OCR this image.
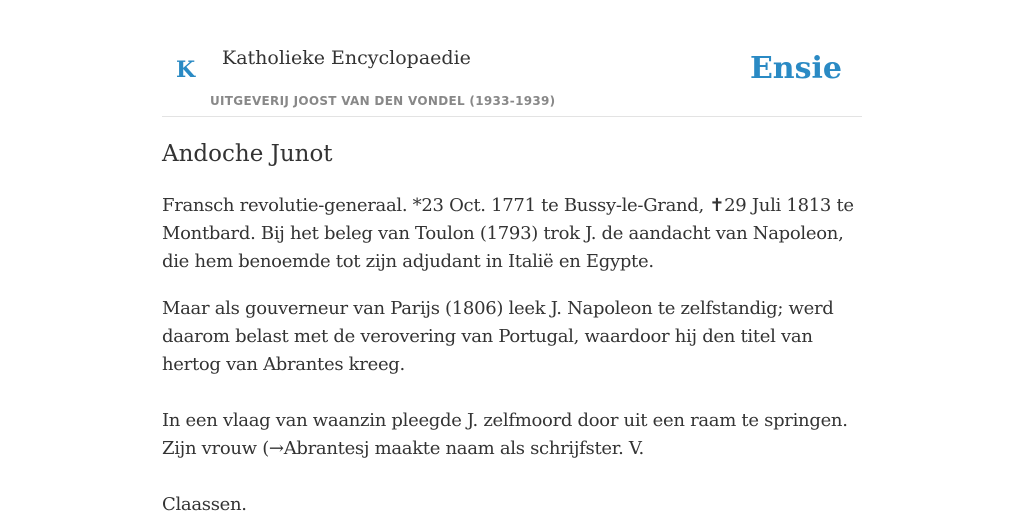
K Katholieke Encyclopaedie
UITGEVERIJ JOOST VAN DEN VONDEL (1933-1939)
Ensie
Andoche Junot

Fransch revolutie-generaal. *23 Oct. 1771 te Bussy-le-Grand, ✝29 Juli 1813 te Montbard. Bij het beleg van Toulon (1793) trok J. de aandacht van Napoleon, die hem benoemde tot zijn adjudant in Italië en Egypte.

Maar als gouverneur van Parijs (1806) leek J. Napoleon te zelfstandig; werd daarom belast met de verovering van Portugal, waardoor hij den titel van hertog van Abrantes kreeg.

In een vlaag van waanzin pleegde J. zelfmoord door uit een raam te springen. Zijn vrouw (→Abrantesj maakte naam als schrijfster. V.

Claassen.
